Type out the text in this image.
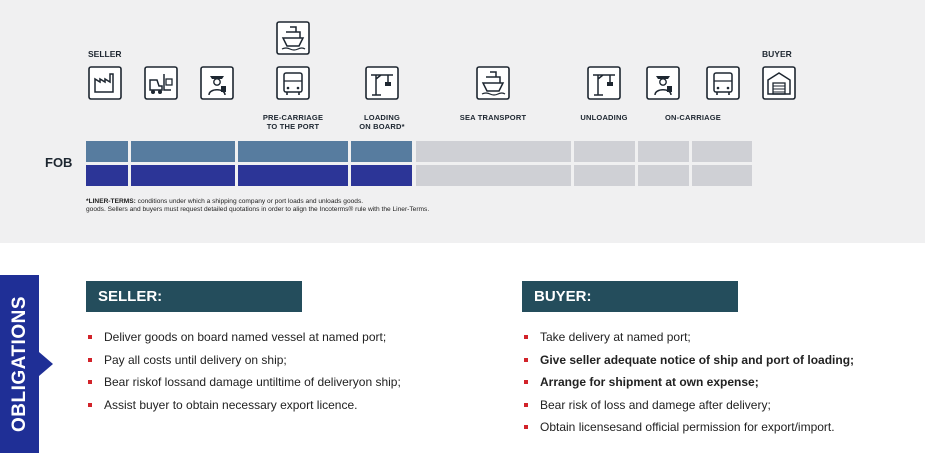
SELLER	BUYER
PRE-CARRIAGE
TO THE PORT
LOADING
ON BOARD*
SEA TRANSPORT	UNLOADING	ON-CARRIAGE
FOB
*LINER-TERMS: conditions under which a shipping company or port loads and unloads goods.
goods. Sellers and buyers must request detailed quotations in order to align the Incoterms® rule with the Liner-Terms.
OBLIGATIONS	SELLER:
Deliver goods on board named vessel at named port;
Pay all costs until delivery on ship;
Bear riskof lossand damage untiltime of deliveryon ship;
Assist buyer to obtain necessary export licence.
BUYER:
Take delivery at named port;
Give seller adequate notice of ship and port of loading;
Arrange for shipment at own expense;
Bear risk of loss and damege after delivery;
Obtain licensesand official permission for export/import.
